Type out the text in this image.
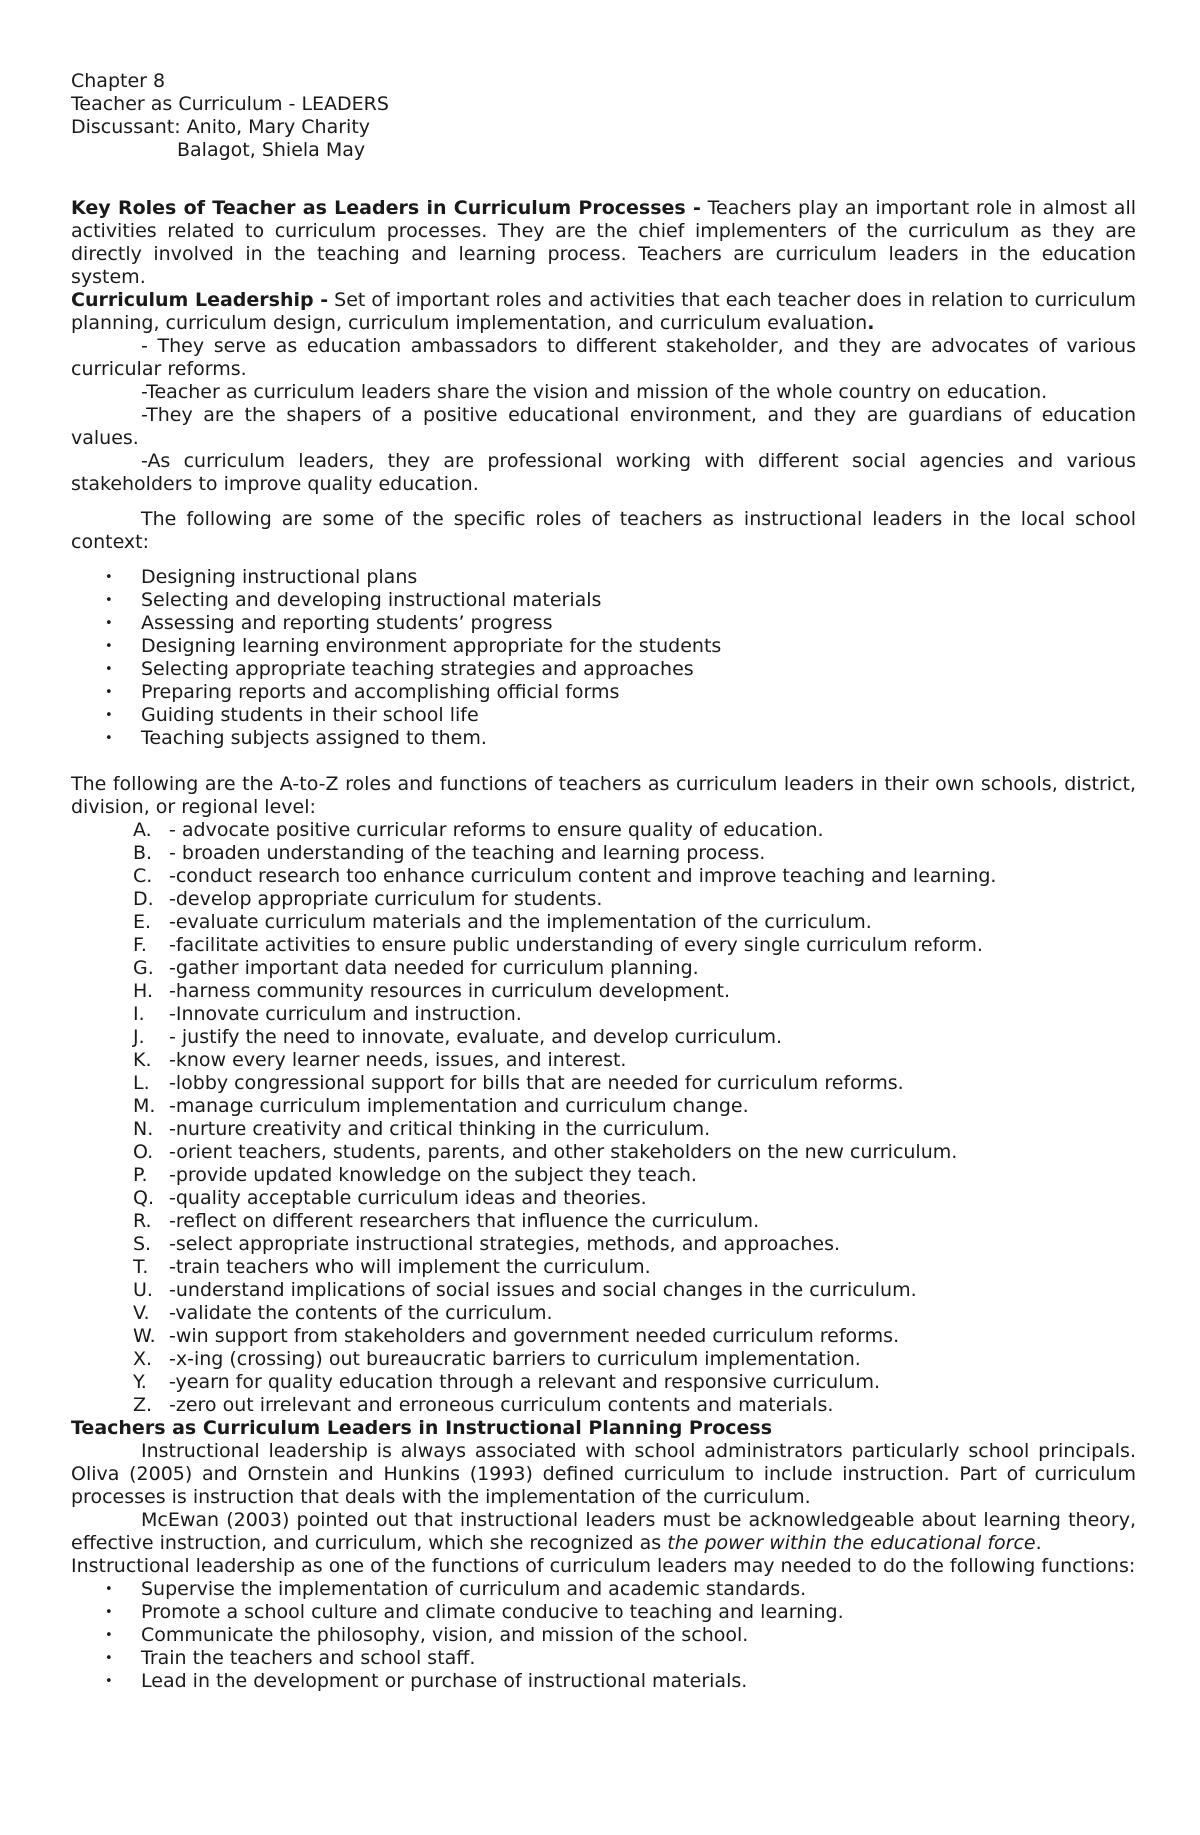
Chapter 8
Teacher as Curriculum - LEADERS
Discussant: Anito, Mary Charity
Balagot, Shiela May

Key Roles of Teacher as Leaders in Curriculum Processes - Teachers play an important role in almost all activities related to curriculum processes. They are the chief implementers of the curriculum as they are directly involved in the teaching and learning process. Teachers are curriculum leaders in the education system.

Curriculum Leadership - Set of important roles and activities that each teacher does in relation to curriculum planning, curriculum design, curriculum implementation, and curriculum evaluation.

- They serve as education ambassadors to different stakeholder, and they are advocates of various curricular reforms.

-Teacher as curriculum leaders share the vision and mission of the whole country on education.

-They are the shapers of a positive educational environment, and they are guardians of education values.

-As curriculum leaders, they are professional working with different social agencies and various stakeholders to improve quality education.

The following are some of the specific roles of teachers as instructional leaders in the local school context:

• Designing instructional plans
• Selecting and developing instructional materials
• Assessing and reporting students’ progress
• Designing learning environment appropriate for the students
• Selecting appropriate teaching strategies and approaches
• Preparing reports and accomplishing official forms
• Guiding students in their school life
• Teaching subjects assigned to them.

The following are the A-to-Z roles and functions of teachers as curriculum leaders in their own schools, district, division, or regional level:

A. - advocate positive curricular reforms to ensure quality of education.
B. - broaden understanding of the teaching and learning process.
C. -conduct research too enhance curriculum content and improve teaching and learning.
D. -develop appropriate curriculum for students.
E. -evaluate curriculum materials and the implementation of the curriculum.
F. -facilitate activities to ensure public understanding of every single curriculum reform.
G. -gather important data needed for curriculum planning.
H. -harness community resources in curriculum development.
I. -Innovate curriculum and instruction.
J. - justify the need to innovate, evaluate, and develop curriculum.
K. -know every learner needs, issues, and interest.
L. -lobby congressional support for bills that are needed for curriculum reforms.
M. -manage curriculum implementation and curriculum change.
N. -nurture creativity and critical thinking in the curriculum.
O. -orient teachers, students, parents, and other stakeholders on the new curriculum.
P. -provide updated knowledge on the subject they teach.
Q. -quality acceptable curriculum ideas and theories.
R. -reflect on different researchers that influence the curriculum.
S. -select appropriate instructional strategies, methods, and approaches.
T. -train teachers who will implement the curriculum.
U. -understand implications of social issues and social changes in the curriculum.
V. -validate the contents of the curriculum.
W. -win support from stakeholders and government needed curriculum reforms.
X. -x-ing (crossing) out bureaucratic barriers to curriculum implementation.
Y. -yearn for quality education through a relevant and responsive curriculum.
Z. -zero out irrelevant and erroneous curriculum contents and materials.

Teachers as Curriculum Leaders in Instructional Planning Process

Instructional leadership is always associated with school administrators particularly school principals. Oliva (2005) and Ornstein and Hunkins (1993) defined curriculum to include instruction. Part of curriculum processes is instruction that deals with the implementation of the curriculum.

McEwan (2003) pointed out that instructional leaders must be acknowledgeable about learning theory, effective instruction, and curriculum, which she recognized as the power within the educational force.

Instructional leadership as one of the functions of curriculum leaders may needed to do the following functions:

• Supervise the implementation of curriculum and academic standards.
• Promote a school culture and climate conducive to teaching and learning.
• Communicate the philosophy, vision, and mission of the school.
• Train the teachers and school staff.
• Lead in the development or purchase of instructional materials.
